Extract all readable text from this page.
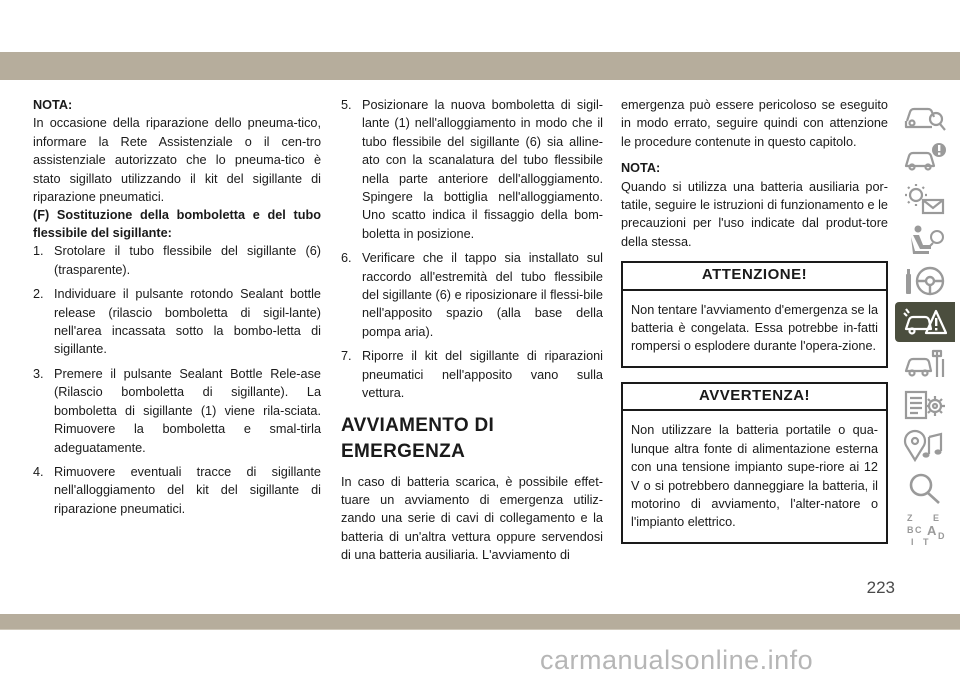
NOTA:

In occasione della riparazione dello pneuma-tico, informare la Rete Assistenziale o il cen-tro assistenziale autorizzato che lo pneuma-tico è stato sigillato utilizzando il kit del sigillante di riparazione pneumatici.

(F) Sostituzione della bomboletta e del tubo flessibile del sigillante:

1. Srotolare il tubo flessibile del sigillante (6) (trasparente).
2. Individuare il pulsante rotondo Sealant bottle release (rilascio bomboletta di sigil-lante) nell'area incassata sotto la bombo-letta di sigillante.
3. Premere il pulsante Sealant Bottle Rele-ase (Rilascio bomboletta di sigillante). La bomboletta di sigillante (1) viene rila-sciata. Rimuovere la bomboletta e smal-tirla adeguatamente.
4. Rimuovere eventuali tracce di sigillante nell'alloggiamento del kit del sigillante di riparazione pneumatici.
5. Posizionare la nuova bomboletta di sigil-lante (1) nell'alloggiamento in modo che il tubo flessibile del sigillante (6) sia alline-ato con la scanalatura del tubo flessibile nella parte anteriore dell'alloggiamento. Spingere la bottiglia nell'alloggiamento. Uno scatto indica il fissaggio della bom-boletta in posizione.
6. Verificare che il tappo sia installato sul raccordo all'estremità del tubo flessibile del sigillante (6) e riposizionare il flessi-bile nell'apposito spazio (alla base della pompa aria).
7. Riporre il kit del sigillante di riparazioni pneumatici nell'apposito vano sulla vettura.
AVVIAMENTO DI
EMERGENZA

In caso di batteria scarica, è possibile effet-tuare un avviamento di emergenza utiliz-zando una serie di cavi di collegamento e la batteria di un'altra vettura oppure servendosi di una batteria ausiliaria. L'avviamento di

emergenza può essere pericoloso se eseguito in modo errato, seguire quindi con attenzione le procedure contenute in questo capitolo.

NOTA:

Quando si utilizza una batteria ausiliaria por-tatile, seguire le istruzioni di funzionamento e le precauzioni per l'uso indicate dal produt-tore della stessa.

ATTENZIONE!
Non tentare l'avviamento d'emergenza se la batteria è congelata. Essa potrebbe in-fatti rompersi o esplodere durante l'opera-zione.
AVVERTENZA!
Non utilizzare la batteria portatile o qua-lunque altra fonte di alimentazione esterna con una tensione impianto supe-riore ai 12 V o si potrebbero danneggiare la batteria, il motorino di avviamento, l'alter-natore o l'impianto elettrico.	Z E
B A
C
D
I T
223
carmanualsonline.info
